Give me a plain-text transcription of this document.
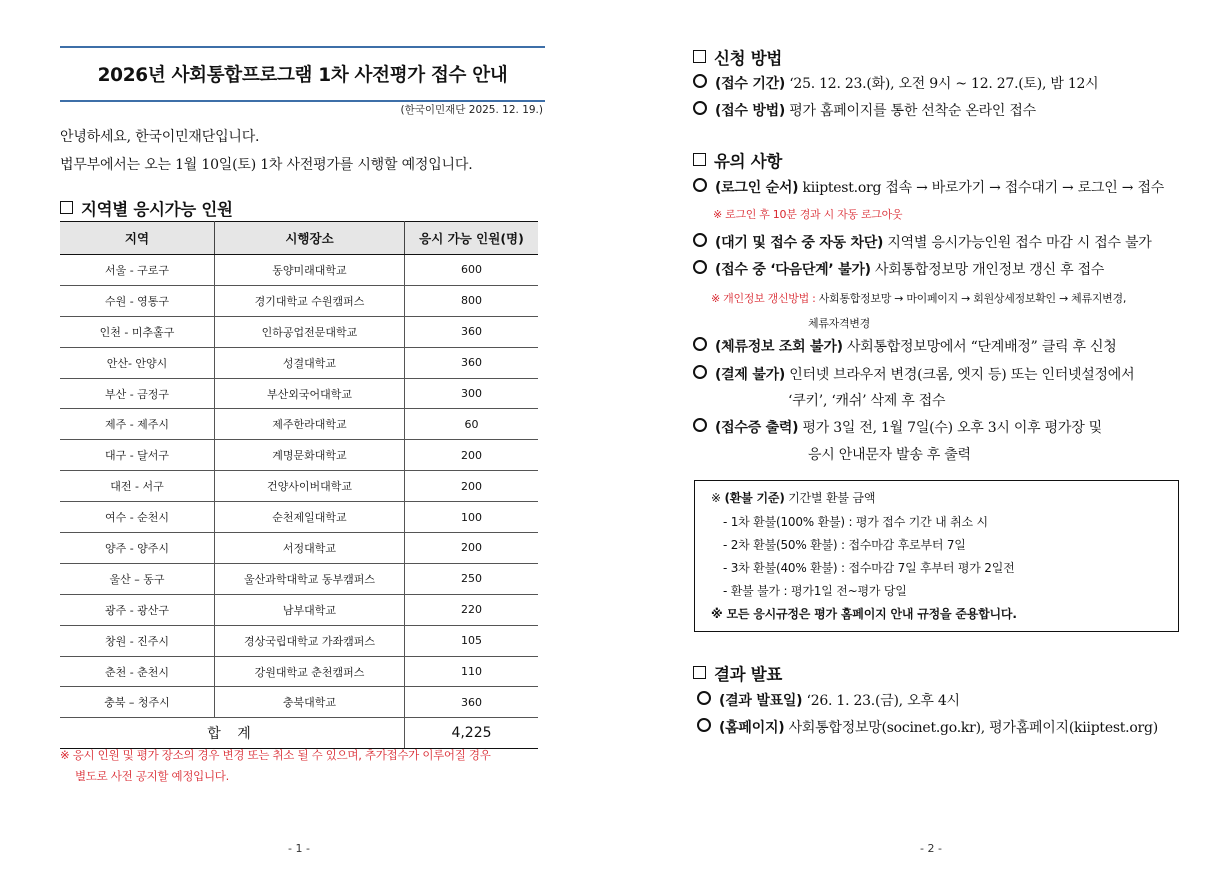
2026년 사회통합프로그램 1차 사전평가 접수 안내
(한국이민재단 2025. 12. 19.)
안녕하세요, 한국이민재단입니다.
법무부에서는 오는 1월 10일(토) 1차 사전평가를 시행할 예정입니다.
지역별 응시가능 인원
지역	시행장소	응시 가능 인원(명)
서울 - 구로구	동양미래대학교	600
수원 - 영통구	경기대학교 수원캠퍼스	800
인천 - 미추홀구	인하공업전문대학교	360
안산- 안양시	성결대학교	360
부산 - 금정구	부산외국어대학교	300
제주 - 제주시	제주한라대학교	60
대구 - 달서구	계명문화대학교	200
대전 - 서구	건양사이버대학교	200
여수 - 순천시	순천제일대학교	100
양주 - 양주시	서정대학교	200
울산 – 동구	울산과학대학교 동부캠퍼스	250
광주 - 광산구	남부대학교	220
창원 - 진주시	경상국립대학교 가좌캠퍼스	105
춘천 - 춘천시	강원대학교 춘천캠퍼스	110
충북 – 청주시	충북대학교	360
합 계		4,225
※ 응시 인원 및 평가 장소의 경우 변경 또는 취소 될 수 있으며, 추가접수가 이루어질 경우
별도로 사전 공지할 예정입니다.
- 1 -
신청 방법
(접수 기간) ‘25. 12. 23.(화), 오전 9시 ~ 12. 27.(토), 밤 12시
(접수 방법) 평가 홈페이지를 통한 선착순 온라인 접수
유의 사항
(로그인 순서) kiiptest.org 접속 → 바로가기 → 접수대기 → 로그인 → 접수
※ 로그인 후 10분 경과 시 자동 로그아웃
(대기 및 접수 중 자동 차단) 지역별 응시가능인원 접수 마감 시 접수 불가
(접수 중 ‘다음단계’ 불가) 사회통합정보망 개인정보 갱신 후 접수
※ 개인정보 갱신방법 : 사회통합정보망 → 마이페이지 → 회원상세정보확인 → 체류지변경,
체류자격변경
(체류정보 조회 불가) 사회통합정보망에서 “단계배정” 클릭 후 신청
(결제 불가) 인터넷 브라우저 변경(크롬, 엣지 등) 또는 인터넷설정에서
‘쿠키’, ‘캐쉬’ 삭제 후 접수
(접수증 출력) 평가 3일 전, 1월 7일(수) 오후 3시 이후 평가장 및
응시 안내문자 발송 후 출력
※ (환불 기준) 기간별 환불 금액
- 1차 환불(100% 환불) : 평가 접수 기간 내 취소 시
- 2차 환불(50% 환불) : 접수마감 후로부터 7일
- 3차 환불(40% 환불) : 접수마감 7일 후부터 평가 2일전
- 환불 불가 : 평가1일 전~평가 당일
※ 모든 응시규정은 평가 홈페이지 안내 규정을 준용합니다.
결과 발표
(결과 발표일) ‘26. 1. 23.(금), 오후 4시
(홈페이지) 사회통합정보망(socinet.go.kr), 평가홈페이지(kiiptest.org)
- 2 -
